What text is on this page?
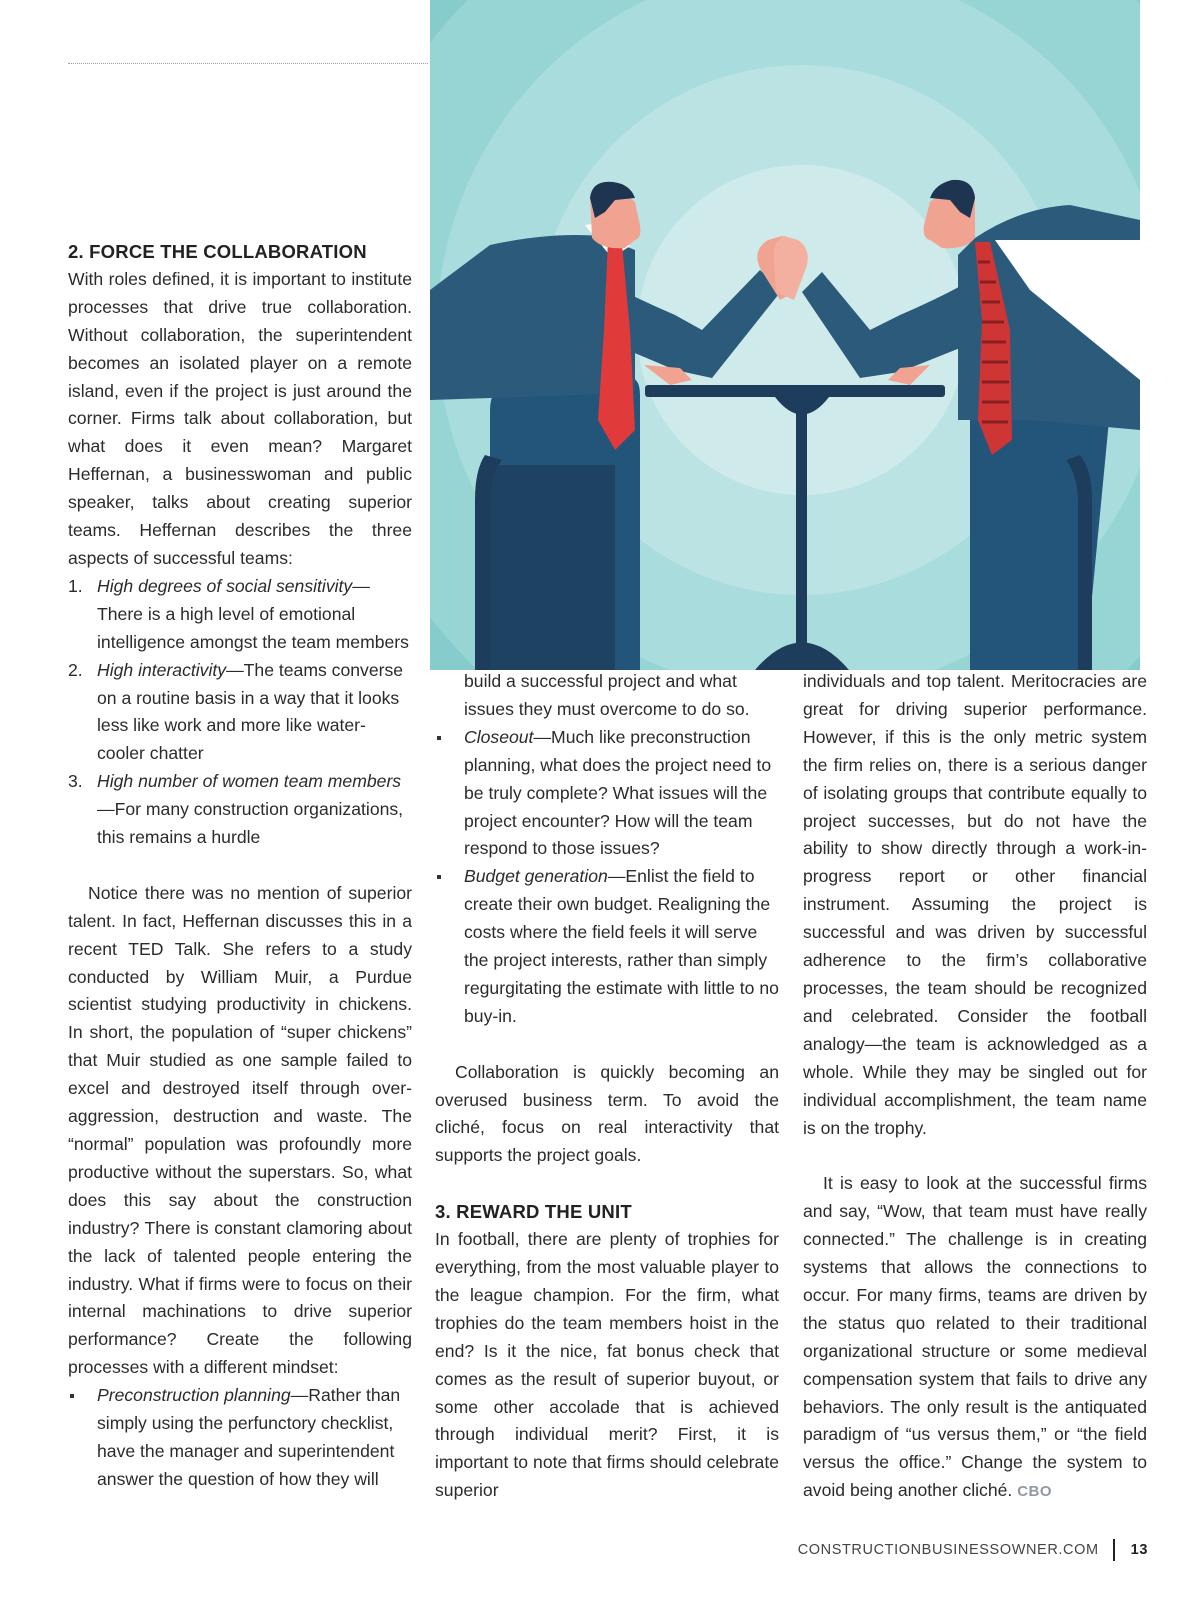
2. FORCE THE COLLABORATION

With roles defined, it is important to institute processes that drive true collaboration. Without collaboration, the superintendent becomes an isolated player on a remote island, even if the project is just around the corner. Firms talk about collaboration, but what does it even mean? Margaret Heffernan, a businesswoman and public speaker, talks about creating superior teams. Heffernan describes the three aspects of successful teams:

1. High degrees of social sensitivity—There is a high level of emotional intelligence amongst the team members
2. High interactivity—The teams converse on a routine basis in a way that it looks less like work and more like water-cooler chatter
3. High number of women team members—For many construction organizations, this remains a hurdle

Notice there was no mention of superior talent. In fact, Heffernan discusses this in a recent TED Talk. She refers to a study conducted by William Muir, a Purdue scientist studying productivity in chickens. In short, the population of “super chickens” that Muir studied as one sample failed to excel and destroyed itself through over-aggression, destruction and waste. The “normal” population was profoundly more productive without the superstars. So, what does this say about the construction industry? There is constant clamoring about the lack of talented people entering the industry. What if firms were to focus on their internal machinations to drive superior performance? Create the following processes with a different mindset:

Preconstruction planning—Rather than simply using the perfunctory checklist, have the manager and superintendent answer the question of how they will
build a successful project and what issues they must overcome to do so.
Closeout—Much like preconstruction planning, what does the project need to be truly complete? What issues will the project encounter? How will the team respond to those issues?
Budget generation—Enlist the field to create their own budget. Realigning the costs where the field feels it will serve the project interests, rather than simply regurgitating the estimate with little to no buy-in.

Collaboration is quickly becoming an overused business term. To avoid the cliché, focus on real interactivity that supports the project goals.

3. REWARD THE UNIT

In football, there are plenty of trophies for everything, from the most valuable player to the league champion. For the firm, what trophies do the team members hoist in the end? Is it the nice, fat bonus check that comes as the result of superior buyout, or some other accolade that is achieved through individual merit? First, it is important to note that firms should celebrate superior

individuals and top talent. Meritocracies are great for driving superior performance. However, if this is the only metric system the firm relies on, there is a serious danger of isolating groups that contribute equally to project successes, but do not have the ability to show directly through a work-in-progress report or other financial instrument. Assuming the project is successful and was driven by successful adherence to the firm’s collaborative processes, the team should be recognized and celebrated. Consider the football analogy—the team is acknowledged as a whole. While they may be singled out for individual accomplishment, the team name is on the trophy.

It is easy to look at the successful firms and say, “Wow, that team must have really connected.” The challenge is in creating systems that allows the connections to occur. For many firms, teams are driven by the status quo related to their traditional organizational structure or some medieval compensation system that fails to drive any behaviors. The only result is the antiquated paradigm of “us versus them,” or “the field versus the office.” Change the system to avoid being another cliché. CBO

CONSTRUCTIONBUSINESSOWNER.COM 13
